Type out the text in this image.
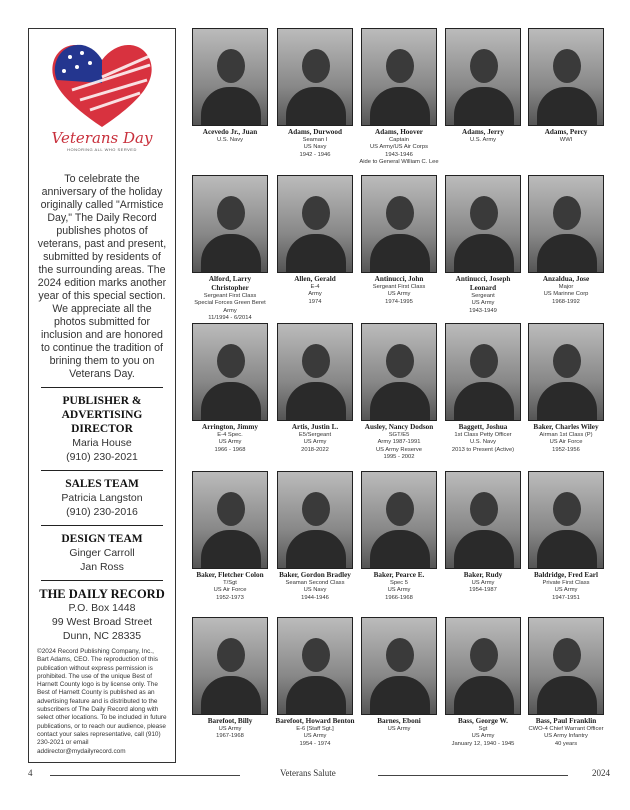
Veterans Day
HONORING ALL WHO SERVED
To celebrate the anniversary of the holiday originally called "Armistice Day," The Daily Record publishes photos of veterans, past and present, submitted by residents of the surrounding areas. The 2024 edition marks another year of this special section. We appreciate all the photos submitted for inclusion and are honored to continue the tradition of brining them to you on Veterans Day.
PUBLISHER & ADVERTISING DIRECTOR
Maria House
(910) 230-2021
SALES TEAM
Patricia Langston
(910) 230-2016
DESIGN TEAM
Ginger Carroll
Jan Ross
THE DAILY RECORD
P.O. Box 1448
99 West Broad Street
Dunn, NC 28335
©2024 Record Publishing Company, Inc., Bart Adams, CEO. The reproduction of this publication without express permission is prohibited. The use of the unique Best of Harnett County logo is by license only. The Best of Harnett County is published as an advertising feature and is distributed to the subscribers of The Daily Record along with select other locations. To be included in future publications, or to reach our audience, please contact your sales representative, call (910) 230-2021 or email addirector@mydailyrecord.com
Acevedo Jr., Juan
U.S. Navy
Adams, Durwood
Seaman I
US Navy
1942 - 1946
Adams, Hoover
Captain
US Army/US Air Corps
1943-1946
Aide to General William C. Lee
Adams, Jerry
U.S. Army
Adams, Percy
WWI
Alford, Larry Christopher
Sergeant First Class
Special Forces Green Beret
Army
11/1994 - 6/2014
Allen, Gerald
E-4
Army
1974
Antinucci, John
Sergeant First Class
US Army
1974-1995
Antinucci, Joseph Leonard
Sergeant
US Army
1943-1949
Anzaldua, Jose
Major
US Marinne Corp
1968-1992
Arrington, Jimmy
E-4 Spec.
US Army
1966 - 1968
Artis, Justin L.
E5/Sergeant
US Army
2018-2022
Ausley, Nancy Dodson
SGT/E5
Army 1987-1991
US Army Reserve
1995 - 2002
Baggett, Joshua
1st Class Petty Officer
U.S. Navy
2013 to Present (Active)
Baker, Charles Wiley
Airman 1st Class (P)
US Air Force
1952-1956
Baker, Fletcher Colon
T/Sgt
US Air Force
1952-1973
Baker, Gordon Bradley
Seaman Second Class
US Navy
1944-1946
Baker, Pearce E.
Spec 5
US Army
1966-1968
Baker, Rudy
US Army
1954-1987
Baldridge, Fred Earl
Private First Class
US Army
1947-1951
Barefoot, Billy
US Army
1967-1968
Barefoot, Howard Benton
E-6 [Staff Sgt.]
US Army
1954 - 1974
Barnes, Eboni
US Army
Bass, George W.
Sgt
US Army
January 12, 1940 - 1945
Bass, Paul Franklin
CWO-4 Chief Warrant Officer
US Army Infantry
40 years
4	Veterans Salute	2024
